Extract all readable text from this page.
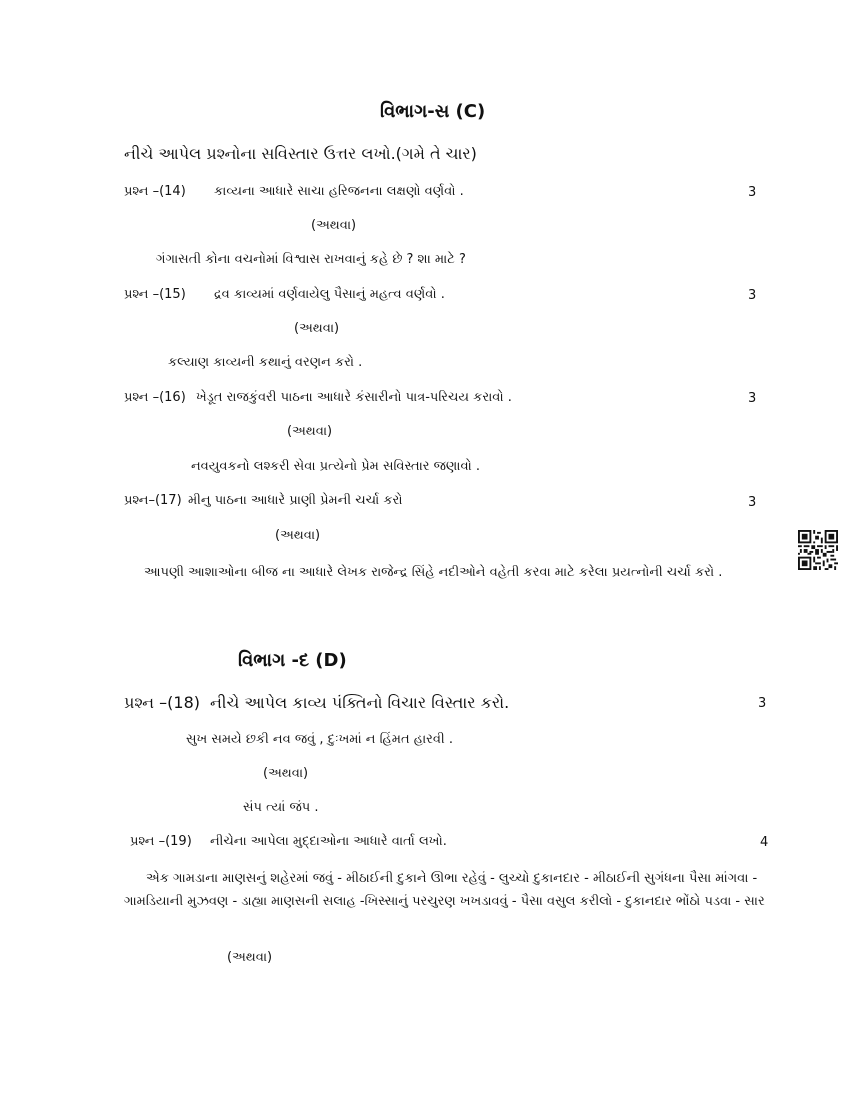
વિભાગ-સ (C)
નીચે આપેલ પ્રશ્નોના સવિસ્તાર ઉત્તર લખો.(ગમે તે ચાર)
પ્રશ્ન –(14) કાવ્યના આધારે સાચા હરિજનના લક્ષણો વર્ણવો .	3
(અથવા)
ગંગાસતી કોના વચનોમાં વિશ્વાસ રાખવાનું કહે છે ? શા માટે ?
પ્રશ્ન –(15) દ્રવ કાવ્યમાં વર્ણવાયેલુ પૈસાનું મહત્વ વર્ણવો .	3
(અથવા)
કલ્યાણ કાવ્યની કથાનું વરણન કરો .
પ્રશ્ન –(16) ખેડૂત રાજકુંવરી પાઠના આધારે કંસારીનો પાત્ર-પરિચય કરાવો .	3
(અથવા)
નવયુવકનો લશ્કરી સેવા પ્રત્યેનો પ્રેમ સવિસ્તાર જણાવો .
પ્રશ્ન–(17) મીનુ પાઠના આધારે પ્રાણી પ્રેમની ચર્ચા કરો	3
(અથવા)
આપણી આશાઓના બીજ ના આધારે લેખક રાજેન્દ્ર સિંહે નદીઓને વહેતી કરવા માટે કરેલા પ્રયત્નોની ચર્ચા કરો .
વિભાગ -દ (D)
પ્રશ્ન –(18) નીચે આપેલ કાવ્ય પંક્તિનો વિચાર વિસ્તાર કરો.	3
સુખ સમયે છકી નવ જવું , દુઃખમાં ન હિંમત હારવી .
(અથવા)
સંપ ત્યાં જંપ .
પ્રશ્ન –(19) નીચેના આપેલા મુદ્દાઓના આધારે વાર્તા લખો.	4
એક ગામડાના માણસનું શહેરમાં જવું - મીઠાઈની દુકાને ઊભા રહેવું - લુચ્ચો દુકાનદાર - મીઠાઈની સુગંધના પૈસા માંગવા - ગામડિયાની મુઝવણ - ડાહ્યા માણસની સલાહ -ખિસ્સાનું પરચુરણ ખખડાવવું - પૈસા વસુલ કરીલો - દુકાનદાર ભોંઠો પડવા - સાર
(અથવા)
